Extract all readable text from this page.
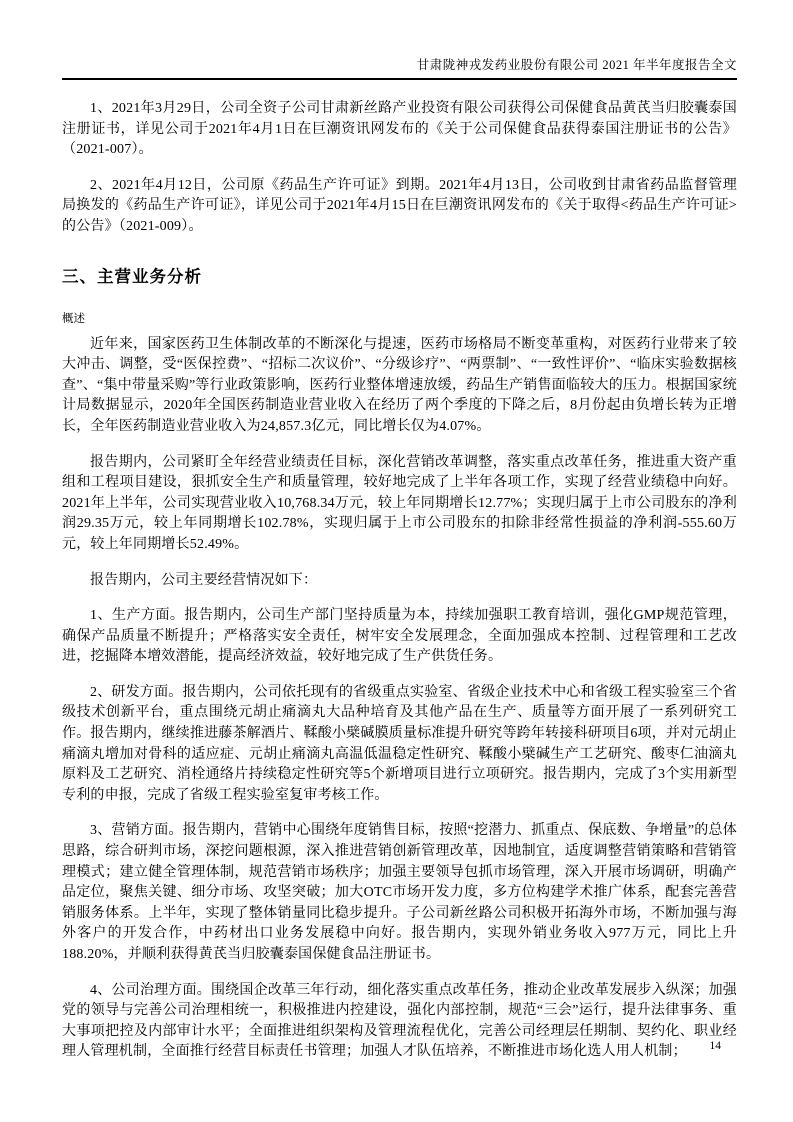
甘肃陇神戎发药业股份有限公司 2021 年半年度报告全文

1、2021年3月29日，公司全资子公司甘肃新丝路产业投资有限公司获得公司保健食品黄芪当归胶囊泰国注册证书，详见公司于2021年4月1日在巨潮资讯网发布的《关于公司保健食品获得泰国注册证书的公告》（2021-007）。

2、2021年4月12日，公司原《药品生产许可证》到期。2021年4月13日，公司收到甘肃省药品监督管理局换发的《药品生产许可证》，详见公司于2021年4月15日在巨潮资讯网发布的《关于取得<药品生产许可证>的公告》（2021-009）。

三、主营业务分析
概述

近年来，国家医药卫生体制改革的不断深化与提速，医药市场格局不断变革重构，对医药行业带来了较大冲击、调整，受“医保控费”、“招标二次议价”、“分级诊疗”、“两票制”、“一致性评价”、“临床实验数据核查”、“集中带量采购”等行业政策影响，医药行业整体增速放缓，药品生产销售面临较大的压力。根据国家统计局数据显示，2020年全国医药制造业营业收入在经历了两个季度的下降之后，8月份起由负增长转为正增长，全年医药制造业营业收入为24,857.3亿元，同比增长仅为4.07%。

报告期内，公司紧盯全年经营业绩责任目标，深化营销改革调整，落实重点改革任务，推进重大资产重组和工程项目建设，狠抓安全生产和质量管理，较好地完成了上半年各项工作，实现了经营业绩稳中向好。2021年上半年，公司实现营业收入10,768.34万元，较上年同期增长12.77%；实现归属于上市公司股东的净利润29.35万元，较上年同期增长102.78%，实现归属于上市公司股东的扣除非经常性损益的净利润-555.60万元，较上年同期增长52.49%。

报告期内，公司主要经营情况如下：

1、生产方面。报告期内，公司生产部门坚持质量为本，持续加强职工教育培训，强化GMP规范管理，确保产品质量不断提升；严格落实安全责任，树牢安全发展理念，全面加强成本控制、过程管理和工艺改进，挖掘降本增效潜能，提高经济效益，较好地完成了生产供货任务。

2、研发方面。报告期内，公司依托现有的省级重点实验室、省级企业技术中心和省级工程实验室三个省级技术创新平台，重点围绕元胡止痛滴丸大品种培育及其他产品在生产、质量等方面开展了一系列研究工作。报告期内，继续推进藤茶解酒片、鞣酸小檗碱膜质量标准提升研究等跨年转接科研项目6项，并对元胡止痛滴丸增加对骨科的适应症、元胡止痛滴丸高温低温稳定性研究、鞣酸小檗碱生产工艺研究、酸枣仁油滴丸原料及工艺研究、消栓通络片持续稳定性研究等5个新增项目进行立项研究。报告期内，完成了3个实用新型专利的申报，完成了省级工程实验室复审考核工作。

3、营销方面。报告期内，营销中心围绕年度销售目标，按照“挖潜力、抓重点、保底数、争增量”的总体思路，综合研判市场，深挖问题根源，深入推进营销创新管理改革，因地制宜，适度调整营销策略和营销管理模式；建立健全管理体制，规范营销市场秩序；加强主要领导包抓市场管理，深入开展市场调研，明确产品定位，聚焦关键、细分市场、攻坚突破；加大OTC市场开发力度，多方位构建学术推广体系，配套完善营销服务体系。上半年，实现了整体销量同比稳步提升。子公司新丝路公司积极开拓海外市场，不断加强与海外客户的开发合作，中药材出口业务发展稳中向好。报告期内，实现外销业务收入977万元，同比上升188.20%，并顺利获得黄芪当归胶囊泰国保健食品注册证书。

4、公司治理方面。围绕国企改革三年行动，细化落实重点改革任务，推动企业改革发展步入纵深；加强党的领导与完善公司治理相统一，积极推进内控建设，强化内部控制，规范“三会”运行，提升法律事务、重大事项把控及内部审计水平；全面推进组织架构及管理流程优化，完善公司经理层任期制、契约化、职业经理人管理机制，全面推行经营目标责任书管理；加强人才队伍培养，不断推进市场化选人用人机制；	14
